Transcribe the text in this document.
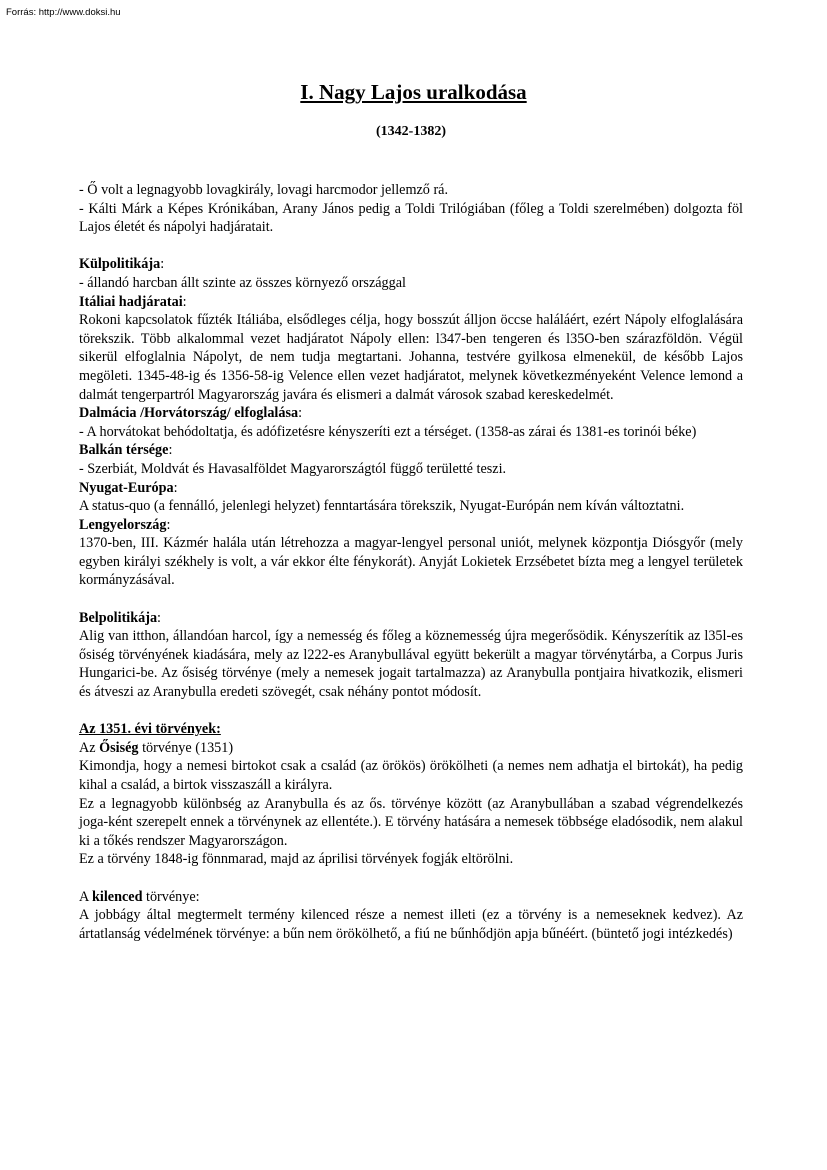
Forrás: http://www.doksi.hu
I. Nagy Lajos uralkodása
(1342-1382)

- Ő volt a legnagyobb lovagkirály, lovagi harcmodor jellemző rá.

- Kálti Márk a Képes Krónikában, Arany János pedig a Toldi Trilógiában (főleg a Toldi szerelmében) dolgozta föl Lajos életét és nápolyi hadjáratait.

Külpolitikája:

- állandó harcban állt szinte az összes környező országgal

Itáliai hadjáratai:

Rokoni kapcsolatok fűzték Itáliába, elsődleges célja, hogy bosszút álljon öccse haláláért, ezért Nápoly elfoglalására törekszik. Több alkalommal vezet hadjáratot Nápoly ellen: l347-ben tengeren és l35O-ben szárazföldön. Végül sikerül elfoglalnia Nápolyt, de nem tudja megtartani. Johanna, testvére gyilkosa elmenekül, de később Lajos megöleti. 1345-48-ig és 1356-58-ig Velence ellen vezet hadjáratot, melynek következményeként Velence lemond a dalmát tengerpartról Magyarország javára és elismeri a dalmát városok szabad kereskedelmét.

Dalmácia /Horvátország/ elfoglalása:

- A horvátokat behódoltatja, és adófizetésre kényszeríti ezt a térséget. (1358-as zárai és 1381-es torinói béke)

Balkán térsége:

- Szerbiát, Moldvát és Havasalföldet Magyarországtól függő területté teszi.

Nyugat-Európa:

A status-quo (a fennálló, jelenlegi helyzet) fenntartására törekszik, Nyugat-Európán nem kíván változtatni.

Lengyelország:

1370-ben, III. Kázmér halála után létrehozza a magyar-lengyel personal uniót, melynek központja Diósgyőr (mely egyben királyi székhely is volt, a vár ekkor élte fénykorát). Anyját Lokietek Erzsébetet bízta meg a lengyel területek kormányzásával.

Belpolitikája:

Alig van itthon, állandóan harcol, így a nemesség és főleg a köznemesség újra megerősödik. Kényszerítik az l35l-es ősiség törvényének kiadására, mely az l222-es Aranybullával együtt bekerült a magyar törvénytárba, a Corpus Juris Hungarici-be. Az ősiség törvénye (mely a nemesek jogait tartalmazza) az Aranybulla pontjaira hivatkozik, elismeri és átveszi az Aranybulla eredeti szövegét, csak néhány pontot módosít.

Az 1351. évi törvények:

Az Ősiség törvénye (1351)

Kimondja, hogy a nemesi birtokot csak a család (az örökös) örökölheti (a nemes nem adhatja el birtokát), ha pedig kihal a család, a birtok visszaszáll a királyra.

Ez a legnagyobb különbség az Aranybulla és az ős. törvénye között (az Aranybullában a szabad végrendelkezés joga-ként szerepelt ennek a törvénynek az ellentéte.). E törvény hatására a nemesek többsége eladósodik, nem alakul ki a tőkés rendszer Magyarországon.

Ez a törvény 1848-ig fönnmarad, majd az áprilisi törvények fogják eltörölni.

A kilenced törvénye:

A jobbágy által megtermelt termény kilenced része a nemest illeti (ez a törvény is a nemeseknek kedvez). Az ártatlanság védelmének törvénye: a bűn nem örökölhető, a fiú ne bűnhődjön apja bűnéért. (büntető jogi intézkedés)
